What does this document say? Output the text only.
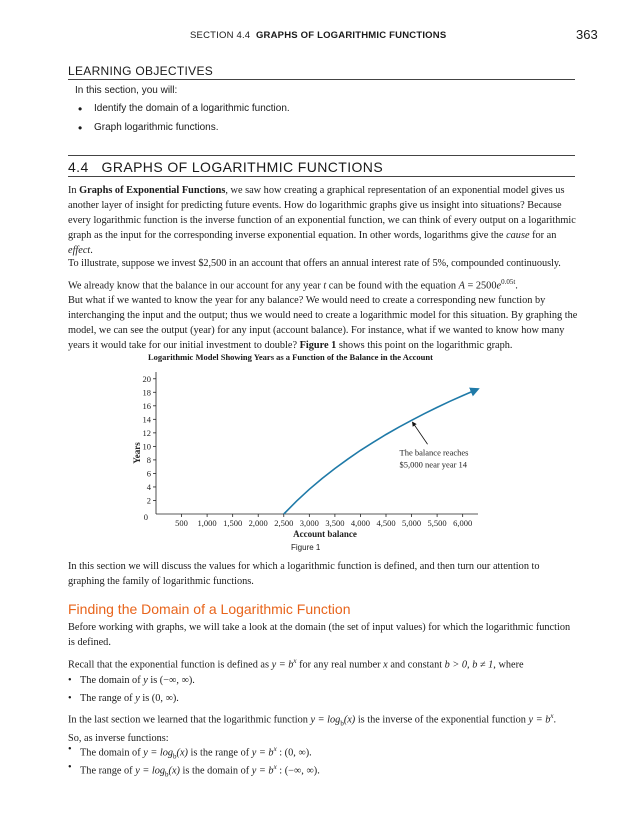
SECTION 4.4 GRAPHS OF LOGARITHMIC FUNCTIONS	363
LEARNING OBJECTIVES
In this section, you will:
• Identify the domain of a logarithmic function.
• Graph logarithmic functions.
4.4   GRAPHS OF LOGARITHMIC FUNCTIONS

In Graphs of Exponential Functions, we saw how creating a graphical representation of an exponential model gives us another layer of insight for predicting future events. How do logarithmic graphs give us insight into situations? Because every logarithmic function is the inverse function of an exponential function, we can think of every output on a logarithmic graph as the input for the corresponding inverse exponential equation. In other words, logarithms give the cause for an effect.

To illustrate, suppose we invest $2,500 in an account that offers an annual interest rate of 5%, compounded continuously.

We already know that the balance in our account for any year t can be found with the equation $A = 2500e^{0.05t}$.

But what if we wanted to know the year for any balance? We would need to create a corresponding new function by interchanging the input and the output; thus we would need to create a logarithmic model for this situation. By graphing the model, we can see the output (year) for any input (account balance). For instance, what if we wanted to know how many years it would take for our initial investment to double? Figure 1 shows this point on the logarithmic graph.

Logarithmic Model Showing Years as a Function of the Balance in the Account
2
4
6
8
10
12
14
16
18
20
500 1,000 1,500 2,000 2,500 3,000 3,500 4,000 4,500 5,000 5,500 6,000
0
Account balance
Years	The balance reaches
$5,000 near year 14
Figure 1

In this section we will discuss the values for which a logarithmic function is defined, and then turn our attention to graphing the family of logarithmic functions.

Finding the Domain of a Logarithmic Function

Before working with graphs, we will take a look at the domain (the set of input values) for which the logarithmic function is defined.

Recall that the exponential function is defined as $y = b^x$ for any real number x and constant b > 0, b ≠ 1, where

• The domain of y is (−∞, ∞).
• The range of y is (0, ∞).

In the last section we learned that the logarithmic function $y = \log_b(x)$ is the inverse of the exponential function $y = b^x$.
So, as inverse functions:

• The domain of $y = \log_b(x)$ is the range of $y = b^x$ : (0, ∞).
• The range of $y = \log_b(x)$ is the domain of $y = b^x$ : (−∞, ∞).
